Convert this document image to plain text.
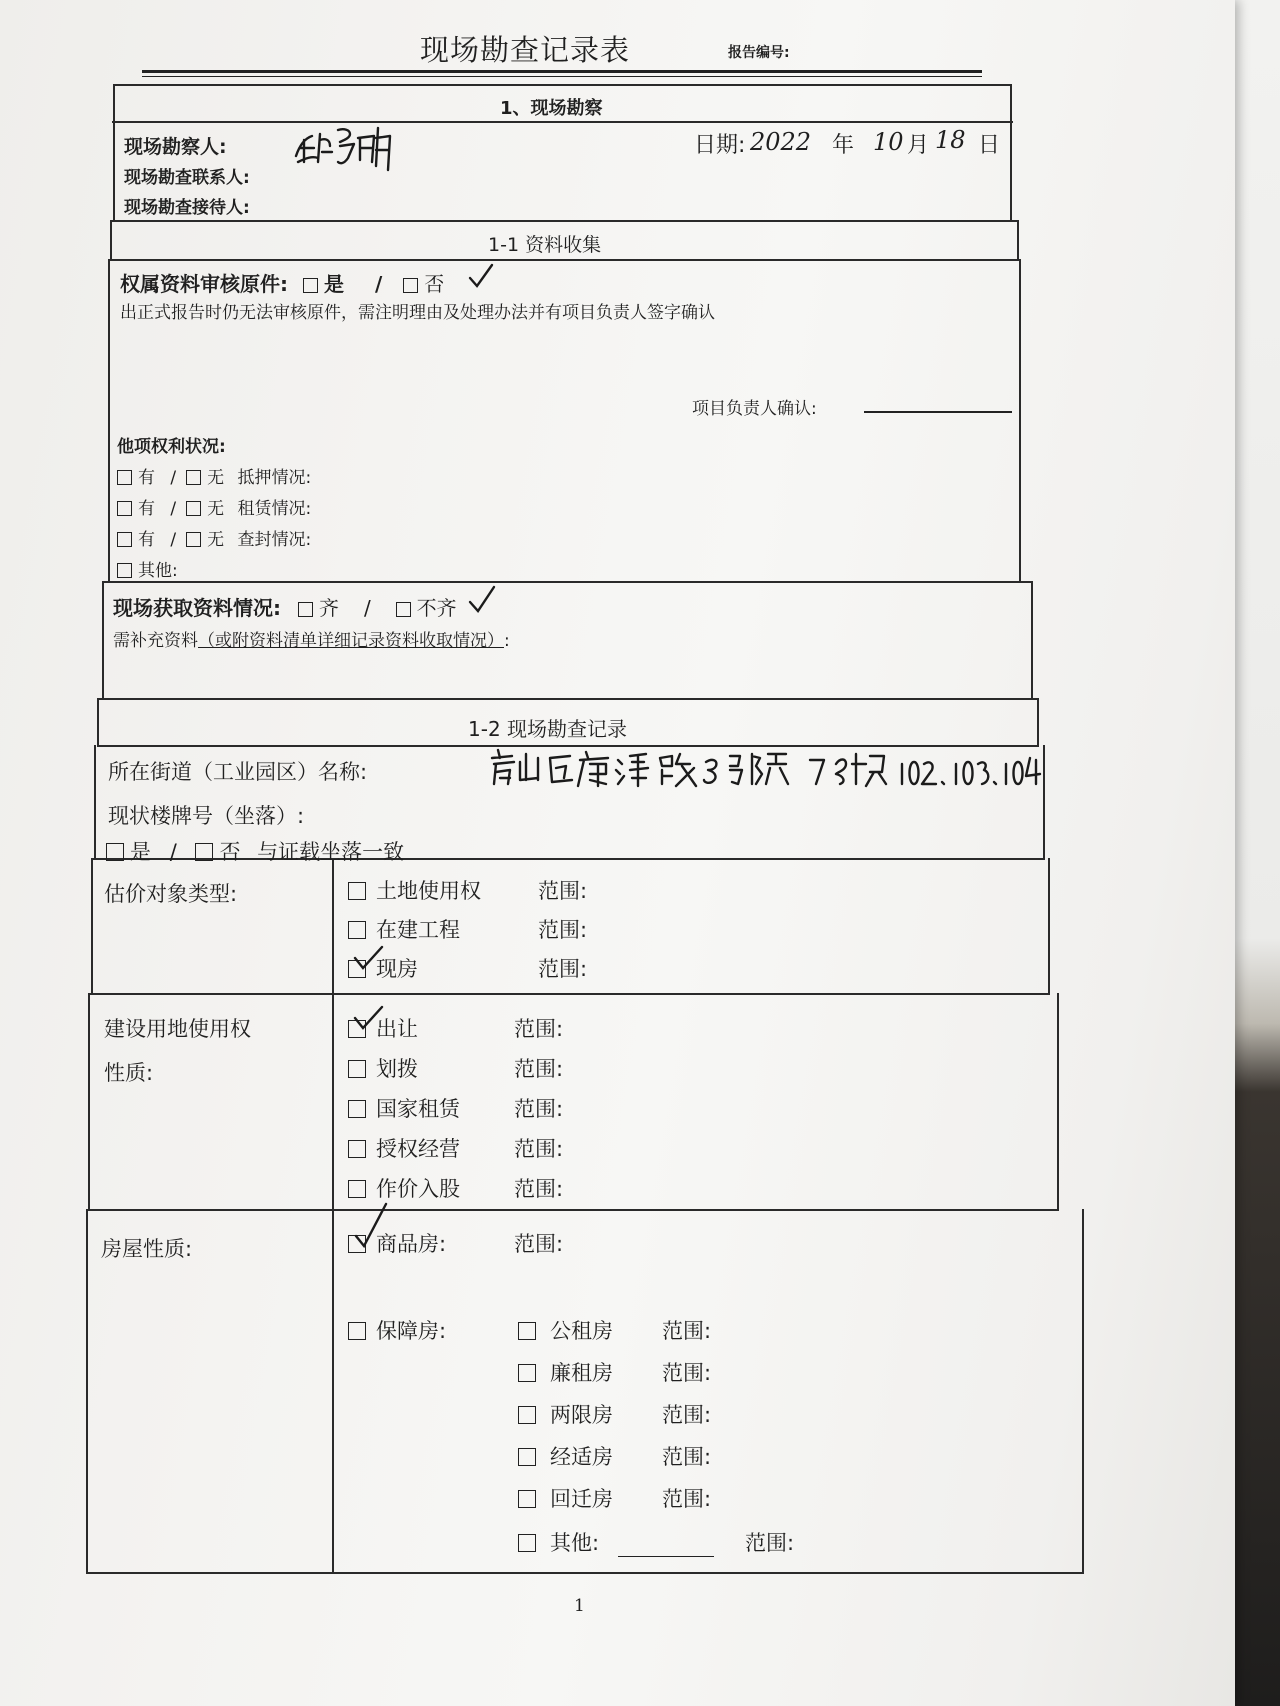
现场勘查记录表	报告编号:
1、现场勘察
现场勘察人:
现场勘查联系人:
现场勘查接待人:
日期: 2022 年 10 月 18 日
1-1 资料收集
权属资料审核原件: 是 / 否
出正式报告时仍无法审核原件，需注明理由及处理办法并有项目负责人签字确认
项目负责人确认:
他项权利状况:
有 / 无 抵押情况:
有 / 无 租赁情况:
有 / 无 查封情况:
其他:
现场获取资料情况: 齐 / 不齐
需补充资料（或附资料清单详细记录资料收取情况）:
1-2 现场勘查记录
所在街道（工业园区）名称:
现状楼牌号（坐落）:
是 / 否 与证载坐落一致
估价对象类型:	土地使用权	范围:
在建工程	范围:
现房	范围:
建设用地使用权
性质:
出让	范围:
划拨	范围:
国家租赁	范围:
授权经营	范围:
作价入股	范围:
房屋性质:	商品房:	范围:
保障房:	公租房 范围:
廉租房 范围:
两限房 范围:
经适房 范围:
回迁房 范围:
其他:	范围:
1
